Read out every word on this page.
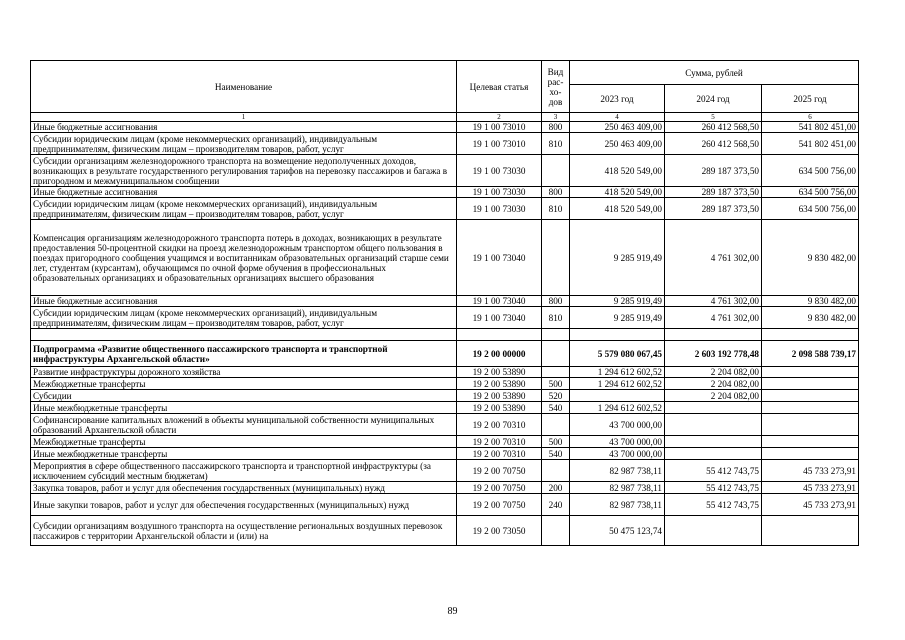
Наименование	Целевая статья	Вид рас-хо-дов	Сумма, рублей		
			2023 год	2024 год	2025 год
1	2	3	4	5	6
Иные бюджетные ассигнования	19 1 00 73010	800	250 463 409,00	260 412 568,50	541 802 451,00
Субсидии юридическим лицам (кроме некоммерческих организаций), индивидуальным предпринимателям, физическим лицам – производителям товаров, работ, услуг	19 1 00 73010	810	250 463 409,00	260 412 568,50	541 802 451,00
Субсидии организациям железнодорожного транспорта на возмещение недополученных доходов, возникающих в результате государственного регулирования тарифов на перевозку пассажиров и багажа в пригородном и межмуниципальном сообщении	19 1 00 73030		418 520 549,00	289 187 373,50	634 500 756,00
Иные бюджетные ассигнования	19 1 00 73030	800	418 520 549,00	289 187 373,50	634 500 756,00
Субсидии юридическим лицам (кроме некоммерческих организаций), индивидуальным предпринимателям, физическим лицам – производителям товаров, работ, услуг	19 1 00 73030	810	418 520 549,00	289 187 373,50	634 500 756,00
Компенсация организациям железнодорожного транспорта потерь в доходах, возникающих в результате предоставления 50-процентной скидки на проезд железнодорожным транспортом общего пользования в поездах пригородного сообщения учащимся и воспитанникам образовательных организаций старше семи лет, студентам (курсантам), обучающимся по очной форме обучения в профессиональных образовательных организациях и образовательных организациях высшего образования	19 1 00 73040		9 285 919,49	4 761 302,00	9 830 482,00
Иные бюджетные ассигнования	19 1 00 73040	800	9 285 919,49	4 761 302,00	9 830 482,00
Субсидии юридическим лицам (кроме некоммерческих организаций), индивидуальным предпринимателям, физическим лицам – производителям товаров, работ, услуг	19 1 00 73040	810	9 285 919,49	4 761 302,00	9 830 482,00

Подпрограмма «Развитие общественного пассажирского транспорта и транспортной инфраструктуры Архангельской области»	19 2 00 00000		5 579 080 067,45	2 603 192 778,48	2 098 588 739,17
Развитие инфраструктуры дорожного хозяйства	19 2 00 53890		1 294 612 602,52	2 204 082,00	
Межбюджетные трансферты	19 2 00 53890	500	1 294 612 602,52	2 204 082,00	
Субсидии	19 2 00 53890	520		2 204 082,00	
Иные межбюджетные трансферты	19 2 00 53890	540	1 294 612 602,52		
Софинансирование капитальных вложений в объекты муниципальной собственности муниципальных образований Архангельской области	19 2 00 70310		43 700 000,00		
Межбюджетные трансферты	19 2 00 70310	500	43 700 000,00		
Иные межбюджетные трансферты	19 2 00 70310	540	43 700 000,00		
Мероприятия в сфере общественного пассажирского транспорта и транспортной инфраструктуры (за исключением субсидий местным бюджетам)	19 2 00 70750		82 987 738,11	55 412 743,75	45 733 273,91
Закупка товаров, работ и услуг для обеспечения государственных (муниципальных) нужд	19 2 00 70750	200	82 987 738,11	55 412 743,75	45 733 273,91
Иные закупки товаров, работ и услуг для обеспечения государственных (муниципальных) нужд	19 2 00 70750	240	82 987 738,11	55 412 743,75	45 733 273,91
Субсидии организациям воздушного транспорта на осуществление региональных воздушных перевозок пассажиров с территории Архангельской области и (или) на	19 2 00 73050		50 475 123,74		
89
